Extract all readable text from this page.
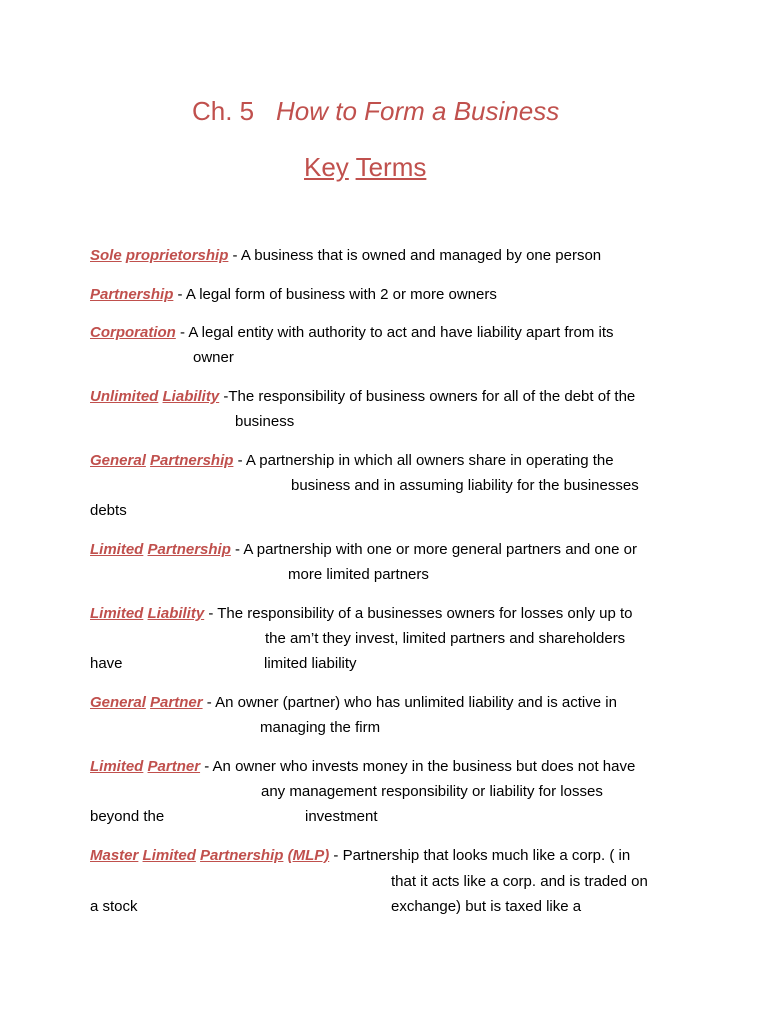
Ch. 5 How to Form a Business
Key Terms
Sole proprietorship - A business that is owned and managed by one person
Partnership - A legal form of business with 2 or more owners
Corporation - A legal entity with authority to act and have liability apart from its
owner
Unlimited Liability -The responsibility of business owners for all of the debt of the
business
General Partnership - A partnership in which all owners share in operating the
business and in assuming liability for the businesses
debts
Limited Partnership - A partnership with one or more general partners and one or
more limited partners
Limited Liability - The responsibility of a businesses owners for losses only up to
the am’t they invest, limited partners and shareholders
have	limited liability
General Partner - An owner (partner) who has unlimited liability and is active in
managing the firm
Limited Partner - An owner who invests money in the business but does not have
any management responsibility or liability for losses
beyond the	investment
Master Limited Partnership (MLP) - Partnership that looks much like a corp. ( in
that it acts like a corp. and is traded on
a stock	exchange) but is taxed like a
